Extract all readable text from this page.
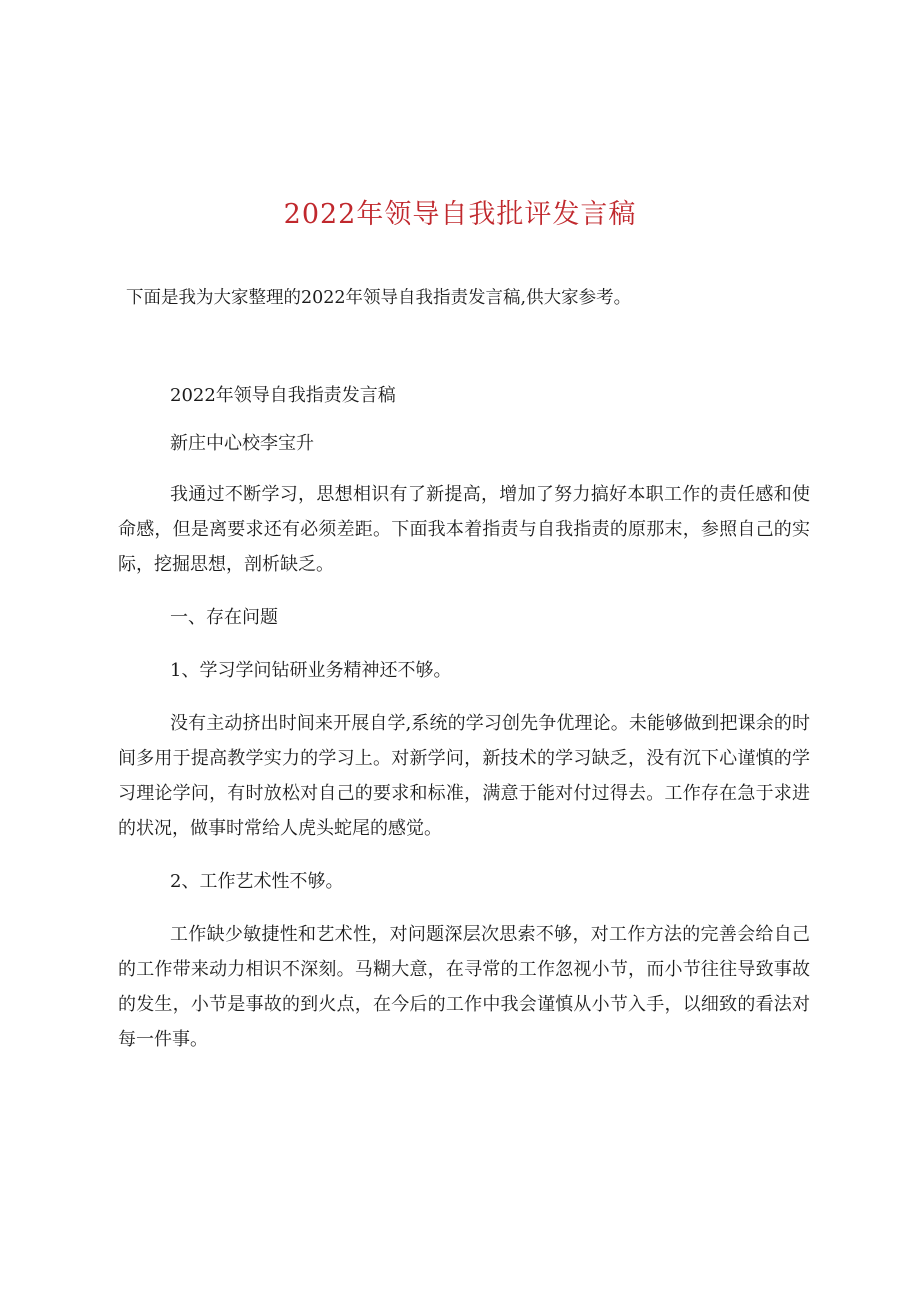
2022年领导自我批评发言稿

下面是我为大家整理的2022年领导自我指责发言稿,供大家参考。

2022年领导自我指责发言稿

新庄中心校李宝升

我通过不断学习，思想相识有了新提高，增加了努力搞好本职工作的责任感和使命感，但是离要求还有必须差距。下面我本着指责与自我指责的原那末，参照自己的实际，挖掘思想，剖析缺乏。

一、存在问题

1、学习学问钻研业务精神还不够。

没有主动挤出时间来开展自学,系统的学习创先争优理论。未能够做到把课余的时间多用于提高教学实力的学习上。对新学问，新技术的学习缺乏，没有沉下心谨慎的学习理论学问，有时放松对自己的要求和标准，满意于能对付过得去。工作存在急于求进的状况，做事时常给人虎头蛇尾的感觉。

2、工作艺术性不够。

工作缺少敏捷性和艺术性，对问题深层次思索不够，对工作方法的完善会给自己的工作带来动力相识不深刻。马糊大意，在寻常的工作忽视小节，而小节往往导致事故的发生，小节是事故的到火点，在今后的工作中我会谨慎从小节入手，以细致的看法对每一件事。
